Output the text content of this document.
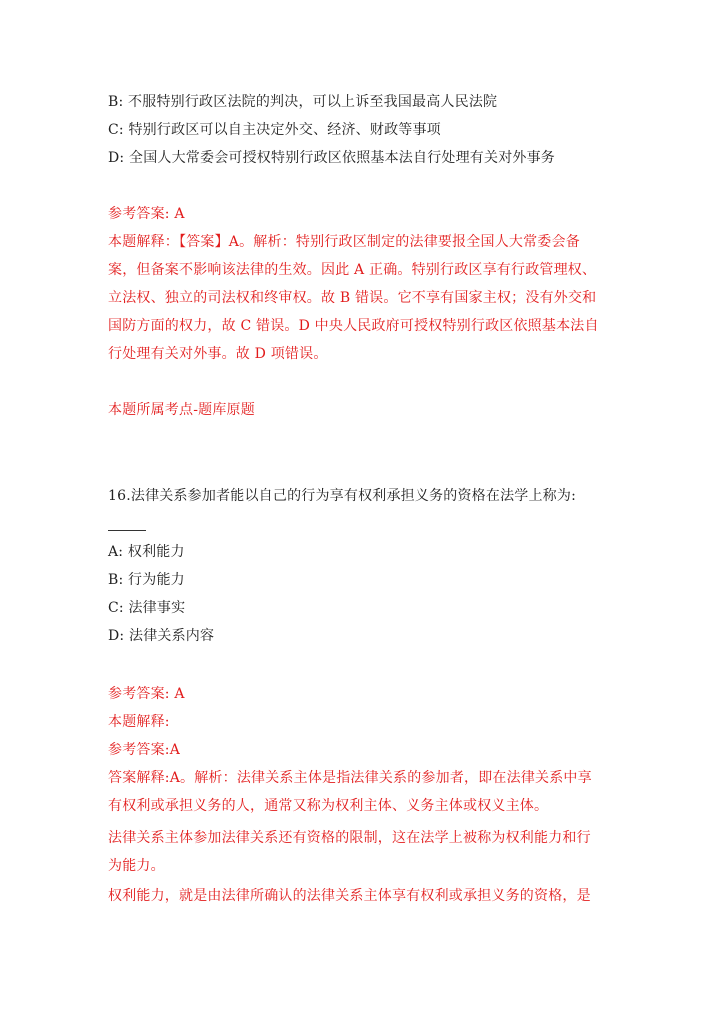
B: 不服特别行政区法院的判决，可以上诉至我国最高人民法院
C: 特别行政区可以自主决定外交、经济、财政等事项
D: 全国人大常委会可授权特别行政区依照基本法自行处理有关对外事务
参考答案: A
本题解释：【答案】A。解析：特别行政区制定的法律要报全国人大常委会备
案，但备案不影响该法律的生效。因此 A 正确。特别行政区享有行政管理权、
立法权、独立的司法权和终审权。故 B 错误。它不享有国家主权；没有外交和
国防方面的权力，故 C 错误。D 中央人民政府可授权特别行政区依照基本法自
行处理有关对外事。故 D 项错误。
本题所属考点-题库原题
16.法律关系参加者能以自己的行为享有权利承担义务的资格在法学上称为:
A: 权利能力
B: 行为能力
C: 法律事实
D: 法律关系内容
参考答案: A
本题解释:
参考答案:A
答案解释:A。解析：法律关系主体是指法律关系的参加者，即在法律关系中享
有权利或承担义务的人，通常又称为权利主体、义务主体或权义主体。
法律关系主体参加法律关系还有资格的限制，这在法学上被称为权利能力和行
为能力。
权利能力，就是由法律所确认的法律关系主体享有权利或承担义务的资格，是
